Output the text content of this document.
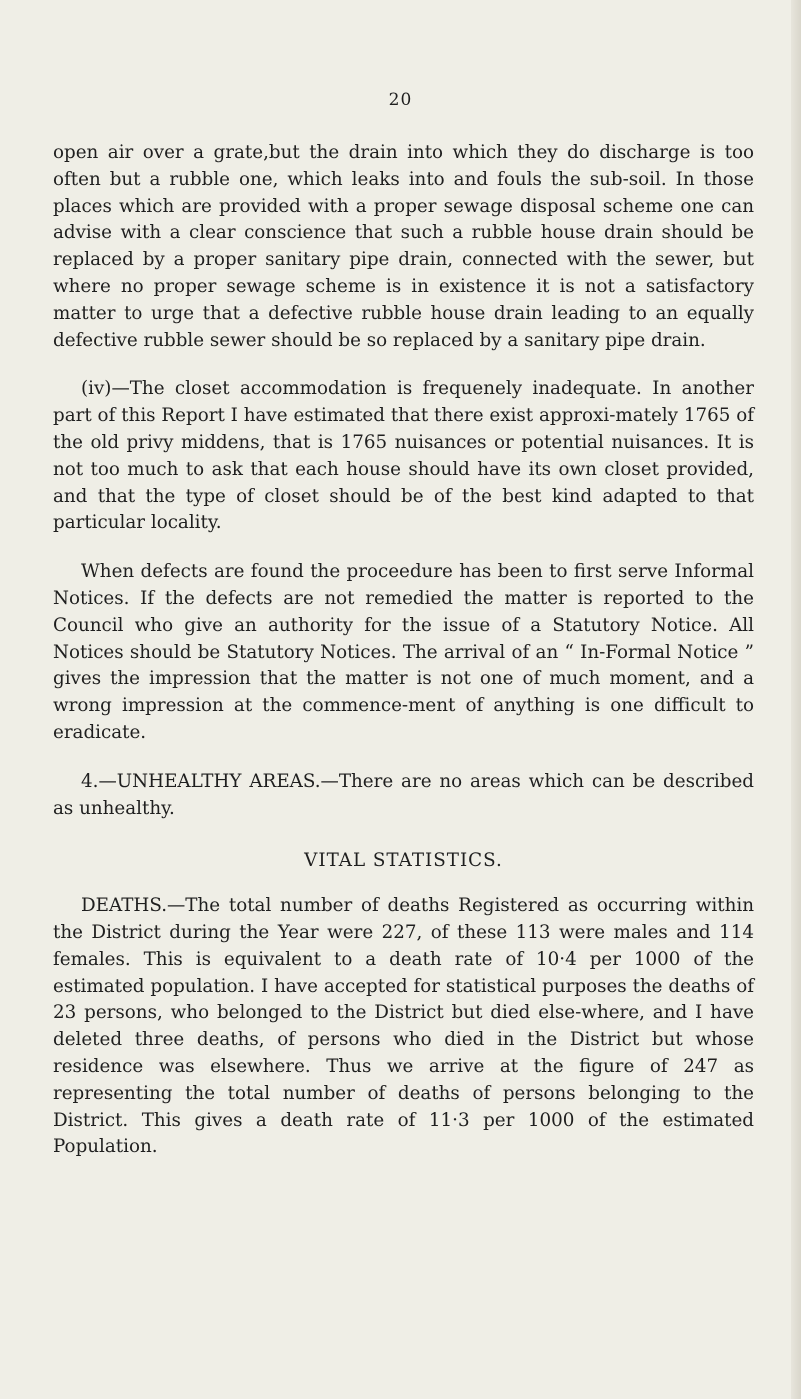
20

open air over a grate,but the drain into which they do discharge is too often but a rubble one, which leaks into and fouls the sub-soil. In those places which are provided with a proper sewage disposal scheme one can advise with a clear conscience that such a rubble house drain should be replaced by a proper sanitary pipe drain, connected with the sewer, but where no proper sewage scheme is in existence it is not a satisfactory matter to urge that a defective rubble house drain leading to an equally defective rubble sewer should be so replaced by a sanitary pipe drain.

(iv)—The closet accommodation is frequenely inadequate. In another part of this Report I have estimated that there exist approxi-mately 1765 of the old privy middens, that is 1765 nuisances or potential nuisances. It is not too much to ask that each house should have its own closet provided, and that the type of closet should be of the best kind adapted to that particular locality.

When defects are found the proceedure has been to first serve Informal Notices. If the defects are not remedied the matter is reported to the Council who give an authority for the issue of a Statutory Notice. All Notices should be Statutory Notices. The arrival of an “ In-Formal Notice ” gives the impression that the matter is not one of much moment, and a wrong impression at the commence-ment of anything is one difficult to eradicate.

4.—UNHEALTHY AREAS.—There are no areas which can be described as unhealthy.

VITAL STATISTICS.

DEATHS.—The total number of deaths Registered as occurring within the District during the Year were 227, of these 113 were males and 114 females. This is equivalent to a death rate of 10·4 per 1000 of the estimated population. I have accepted for statistical purposes the deaths of 23 persons, who belonged to the District but died else-where, and I have deleted three deaths, of persons who died in the District but whose residence was elsewhere. Thus we arrive at the figure of 247 as representing the total number of deaths of persons belonging to the District. This gives a death rate of 11·3 per 1000 of the estimated Population.
